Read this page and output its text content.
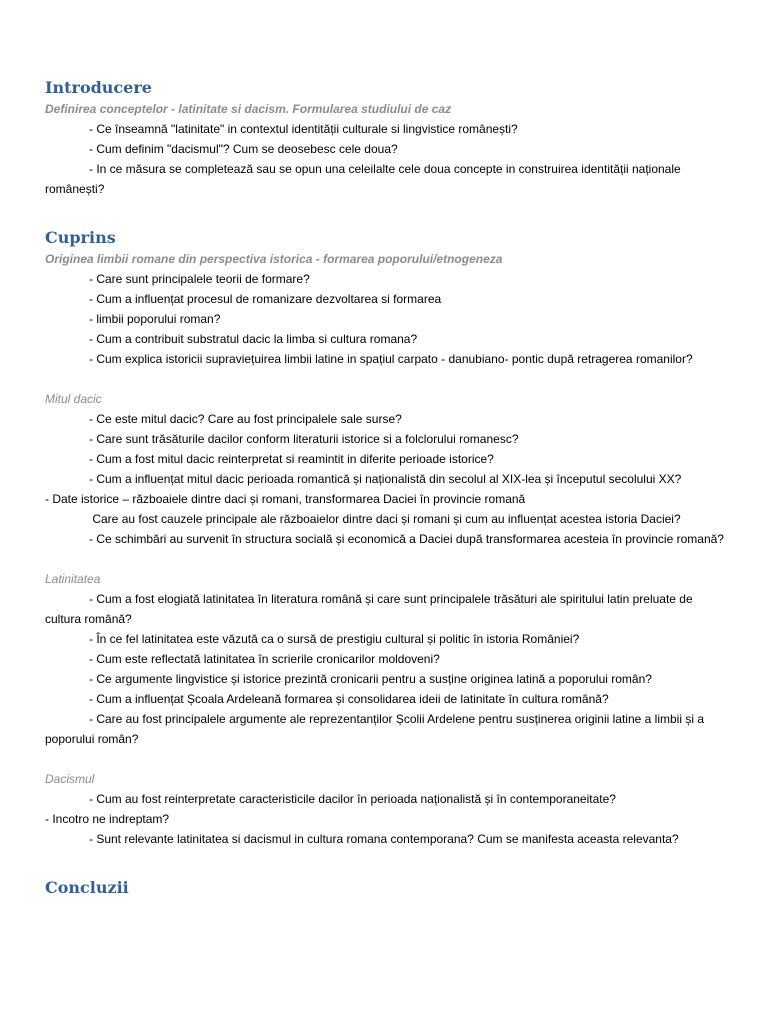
Introducere

Definirea conceptelor - latinitate si dacism. Formularea studiului de caz

- Ce înseamnă "latinitate" in contextul identității culturale si lingvistice românești?

- Cum definim "dacismul"? Cum se deosebesc cele doua?

- In ce măsura se completează sau se opun una celeilalte cele doua concepte in construirea identității naționale românești?

Cuprins

Originea limbii romane din perspectiva istorica - formarea poporului/etnogeneza

- Care sunt principalele teorii de formare?

- Cum a influențat procesul de romanizare dezvoltarea si formarea

- limbii poporului roman?

- Cum a contribuit substratul dacic la limba si cultura romana?

- Cum explica istoricii supraviețuirea limbii latine in spațiul carpato - danubiano- pontic după retragerea romanilor?

Mitul dacic

- Ce este mitul dacic? Care au fost principalele sale surse?

- Care sunt trăsăturile dacilor conform literaturii istorice si a folclorului romanesc?

- Cum a fost mitul dacic reinterpretat si reamintit in diferite perioade istorice?

- Cum a influențat mitul dacic perioada romantică și naționalistă din secolul al XIX-lea și începutul secolului XX?

- Date istorice – războaiele dintre daci și romani, transformarea Daciei în provincie romană

Care au fost cauzele principale ale războaielor dintre daci și romani și cum au influențat acestea istoria Daciei?

- Ce schimbări au survenit în structura socială și economică a Daciei după transformarea acesteia în provincie romană?

Latinitatea

- Cum a fost elogiată latinitatea în literatura română și care sunt principalele trăsături ale spiritului latin preluate de cultura română?

- În ce fel latinitatea este văzută ca o sursă de prestigiu cultural și politic în istoria României?

- Cum este reflectată latinitatea în scrierile cronicarilor moldoveni?

- Ce argumente lingvistice și istorice prezintă cronicarii pentru a susține originea latină a poporului român?

- Cum a influențat Școala Ardeleană formarea și consolidarea ideii de latinitate în cultura română?

- Care au fost principalele argumente ale reprezentanților Școlii Ardelene pentru susținerea originii latine a limbii și a poporului român?

Dacismul

- Cum au fost reinterpretate caracteristicile dacilor în perioada naționalistă și în contemporaneitate?

- Incotro ne indreptam?

- Sunt relevante latinitatea si dacismul in cultura romana contemporana? Cum se manifesta aceasta relevanta?

Concluzii
